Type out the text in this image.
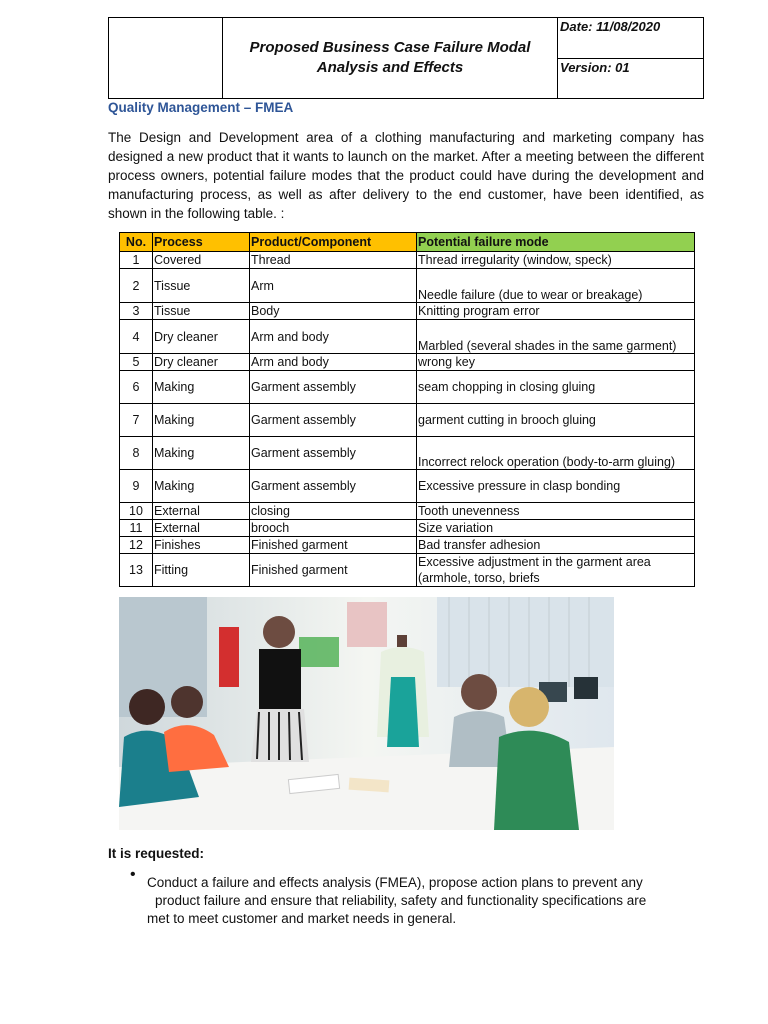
Proposed Business Case Failure Modal Analysis and Effects
Date: 11/08/2020
Version: 01
Quality Management – FMEA

The Design and Development area of a clothing manufacturing and marketing company has designed a new product that it wants to launch on the market. After a meeting between the different process owners, potential failure modes that the product could have during the development and manufacturing process, as well as after delivery to the end customer, have been identified, as shown in the following table. :

No.	Process	Product/Component	Potential failure mode
1	Covered	Thread	Thread irregularity (window, speck)
2	Tissue	Arm	Needle failure (due to wear or breakage)
3	Tissue	Body	Knitting program error
4	Dry cleaner	Arm and body	Marbled (several shades in the same garment)
5	Dry cleaner	Arm and body	wrong key
6	Making	Garment assembly	seam chopping in closing gluing
7	Making	Garment assembly	garment cutting in brooch gluing
8	Making	Garment assembly	Incorrect relock operation (body-to-arm gluing)
9	Making	Garment assembly	Excessive pressure in clasp bonding
10	External	closing	Tooth unevenness
11	External	brooch	Size variation
12	Finishes	Finished garment	Bad transfer adhesion
13	Fitting	Finished garment	Excessive adjustment in the garment area (armhole, torso, briefs
It is requested:
• Conduct a failure and effects analysis (FMEA), propose action plans to prevent any
product failure and ensure that reliability, safety and functionality specifications are
met to meet customer and market needs in general.
